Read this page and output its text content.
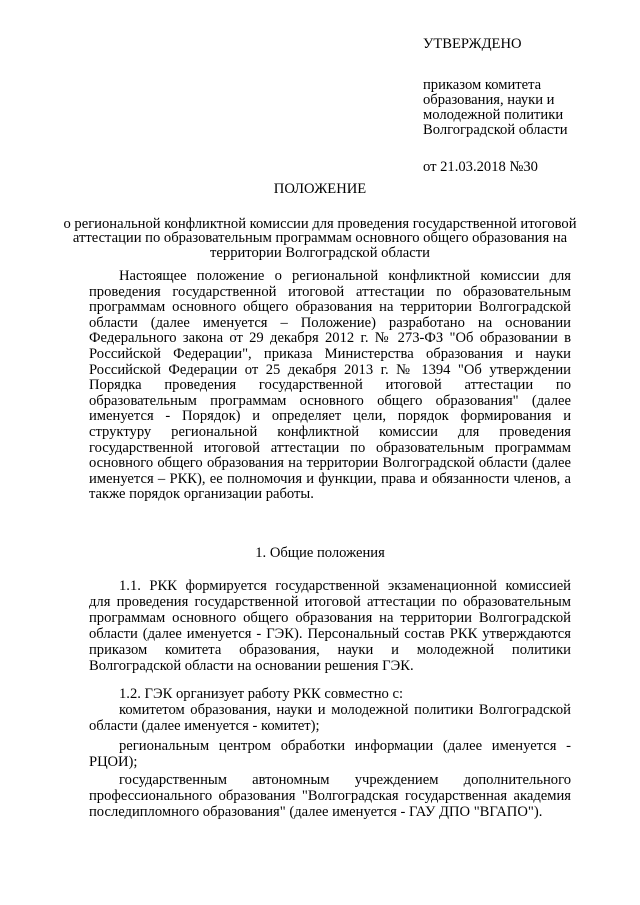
УТВЕРЖДЕНО
приказом комитета образования, науки и молодежной политики Волгоградской области
от 21.03.2018 №30
ПОЛОЖЕНИЕ
о региональной конфликтной комиссии для проведения государственной итоговой аттестации по образовательным программам основного общего образования на территории Волгоградской области

Настоящее положение о региональной конфликтной комиссии для проведения государственной итоговой аттестации по образовательным программам основного общего образования на территории Волгоградской области (далее именуется – Положение) разработано на основании Федерального закона от 29 декабря 2012 г. № 273-ФЗ "Об образовании в Российской Федерации", приказа Министерства образования и науки Российской Федерации от 25 декабря 2013 г. № 1394 "Об утверждении Порядка проведения государственной итоговой аттестации по образовательным программам основного общего образования" (далее именуется - Порядок) и определяет цели, порядок формирования и структуру региональной конфликтной комиссии для проведения государственной итоговой аттестации по образовательным программам основного общего образования на территории Волгоградской области (далее именуется – РКК), ее полномочия и функции, права и обязанности членов, а также порядок организации работы.

1. Общие положения

1.1. РКК формируется государственной экзаменационной комиссией для проведения государственной итоговой аттестации по образовательным программам основного общего образования на территории Волгоградской области (далее именуется - ГЭК). Персональный состав РКК утверждаются приказом комитета образования, науки и молодежной политики Волгоградской области на основании решения ГЭК.

1.2. ГЭК организует работу РКК совместно с:

комитетом образования, науки и молодежной политики Волгоградской области (далее именуется - комитет);

региональным центром обработки информации (далее именуется - РЦОИ);

государственным автономным учреждением дополнительного профессионального образования "Волгоградская государственная академия последипломного образования" (далее именуется - ГАУ ДПО "ВГАПО").
